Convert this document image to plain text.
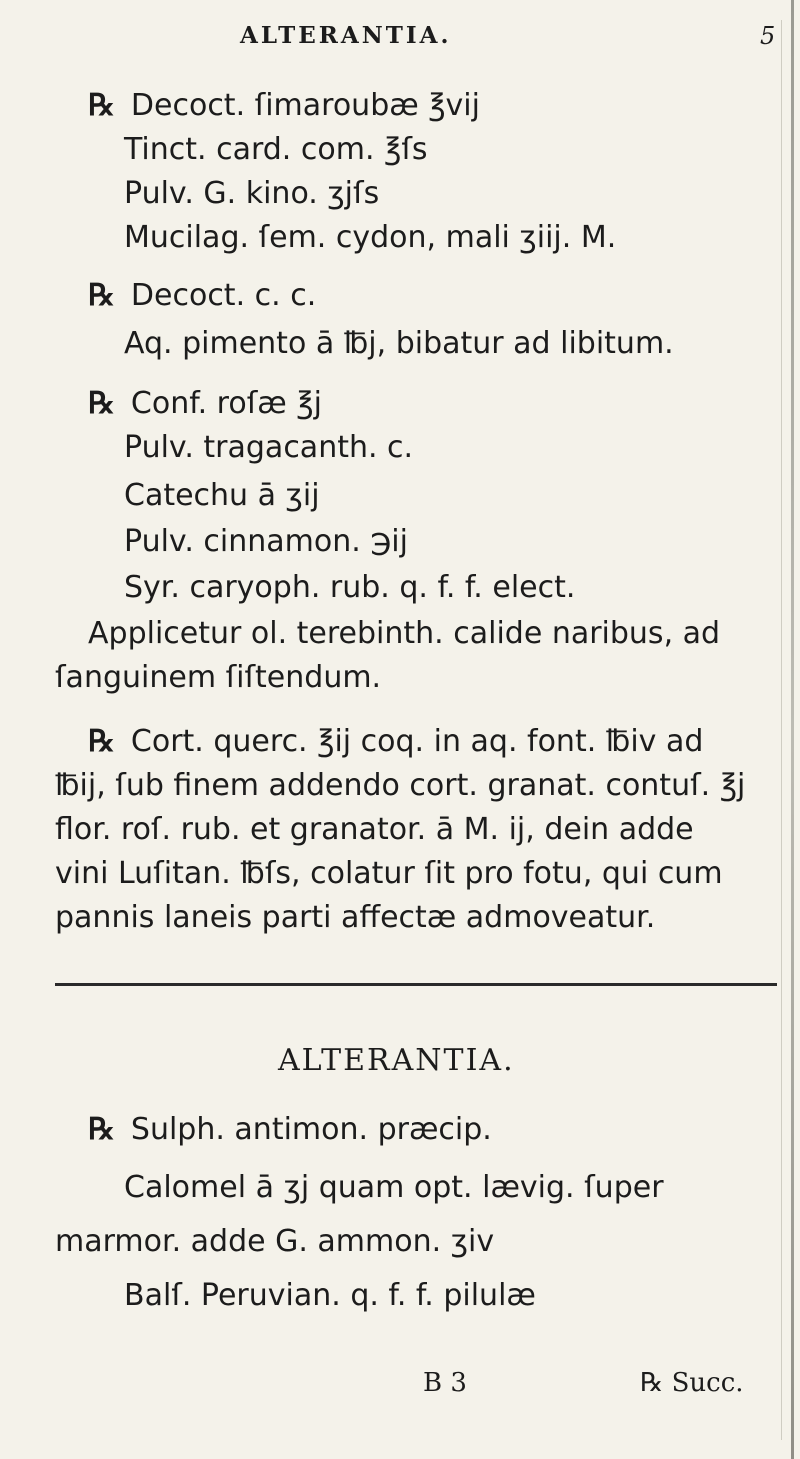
ALTERANTIA.	5
℞ Decoct. ſimaroubæ ℥vij
Tinct. card. com. ℥ſs
Pulv. G. kino. ʒjſs
Mucilag. ſem. cydon, mali ʒiij. M.
℞ Decoct. c. c.
Aq. pimento ā ℔j, bibatur ad libitum.
℞ Conf. roſæ ℥j
Pulv. tragacanth. c.
Catechu ā ʒij
Pulv. cinnamon. ℈ij
Syr. caryoph. rub. q. f. f. elect.
Applicetur ol. terebinth. calide naribus, ad
ſanguinem ſiſtendum.
℞ Cort. querc. ℥ij coq. in aq. font. ℔iv ad
℔ij, ſub finem addendo cort. granat. contuſ. ℥j
flor. roſ. rub. et granator. ā M. ij, dein adde
vini Luſitan. ℔ſs, colatur ſit pro fotu, qui cum
pannis laneis parti affectæ admoveatur.
ALTERANTIA.
℞ Sulph. antimon. præcip.
Calomel ā ʒj quam opt. lævig. ſuper
marmor. adde G. ammon. ʒiv
Balſ. Peruvian. q. f. f. pilulæ
B 3	℞ Succ.
